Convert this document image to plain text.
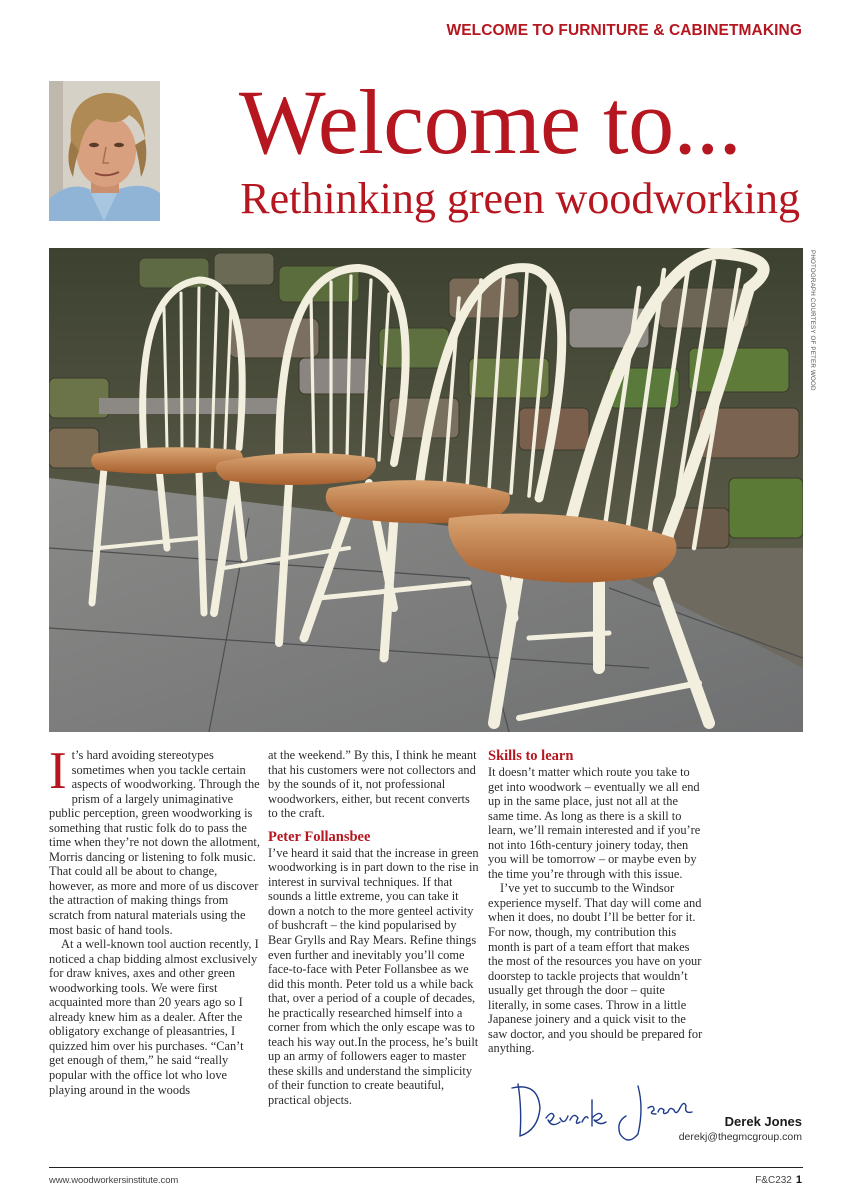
WELCOME TO FURNITURE & CABINETMAKING
Welcome to...
Rethinking green woodworking
PHOTOGRAPH COURTESY OF PETER WOOD

It’s hard avoiding stereotypes sometimes when you tackle certain aspects of woodworking. Through the prism of a largely unimaginative public perception, green woodworking is something that rustic folk do to pass the time when they’re not down the allotment, Morris dancing or listening to folk music. That could all be about to change, however, as more and more of us discover the attraction of making things from scratch from natural materials using the most basic of hand tools.

At a well-known tool auction recently, I noticed a chap bidding almost exclusively for draw knives, axes and other green woodworking tools. We were first acquainted more than 20 years ago so I already knew him as a dealer. After the obligatory exchange of pleasantries, I quizzed him over his purchases. “Can’t get enough of them,” he said “really popular with the office lot who love playing around in the woods

at the weekend.” By this, I think he meant that his customers were not collectors and by the sounds of it, not professional woodworkers, either, but recent converts to the craft.

Peter Follansbee

I’ve heard it said that the increase in green woodworking is in part down to the rise in interest in survival techniques. If that sounds a little extreme, you can take it down a notch to the more genteel activity of bushcraft – the kind popularised by Bear Grylls and Ray Mears. Refine things even further and inevitably you’ll come face-to-face with Peter Follansbee as we did this month. Peter told us a while back that, over a period of a couple of decades, he practically researched himself into a corner from which the only escape was to teach his way out.In the process, he’s built up an army of followers eager to master these skills and understand the simplicity of their function to create beautiful, practical objects.

Skills to learn

It doesn’t matter which route you take to get into woodwork – eventually we all end up in the same place, just not all at the same time. As long as there is a skill to learn, we’ll remain interested and if you’re not into 16th-century joinery today, then you will be tomorrow – or maybe even by the time you’re through with this issue.

I’ve yet to succumb to the Windsor experience myself. That day will come and when it does, no doubt I’ll be better for it. For now, though, my contribution this month is part of a team effort that makes the most of the resources you have on your doorstep to tackle projects that wouldn’t usually get through the door – quite literally, in some cases. Throw in a little Japanese joinery and a quick visit to the saw doctor, and you should be prepared for anything.

Derek Jones
derekj@thegmcgroup.com
www.woodworkersinstitute.com	F&C232 1
